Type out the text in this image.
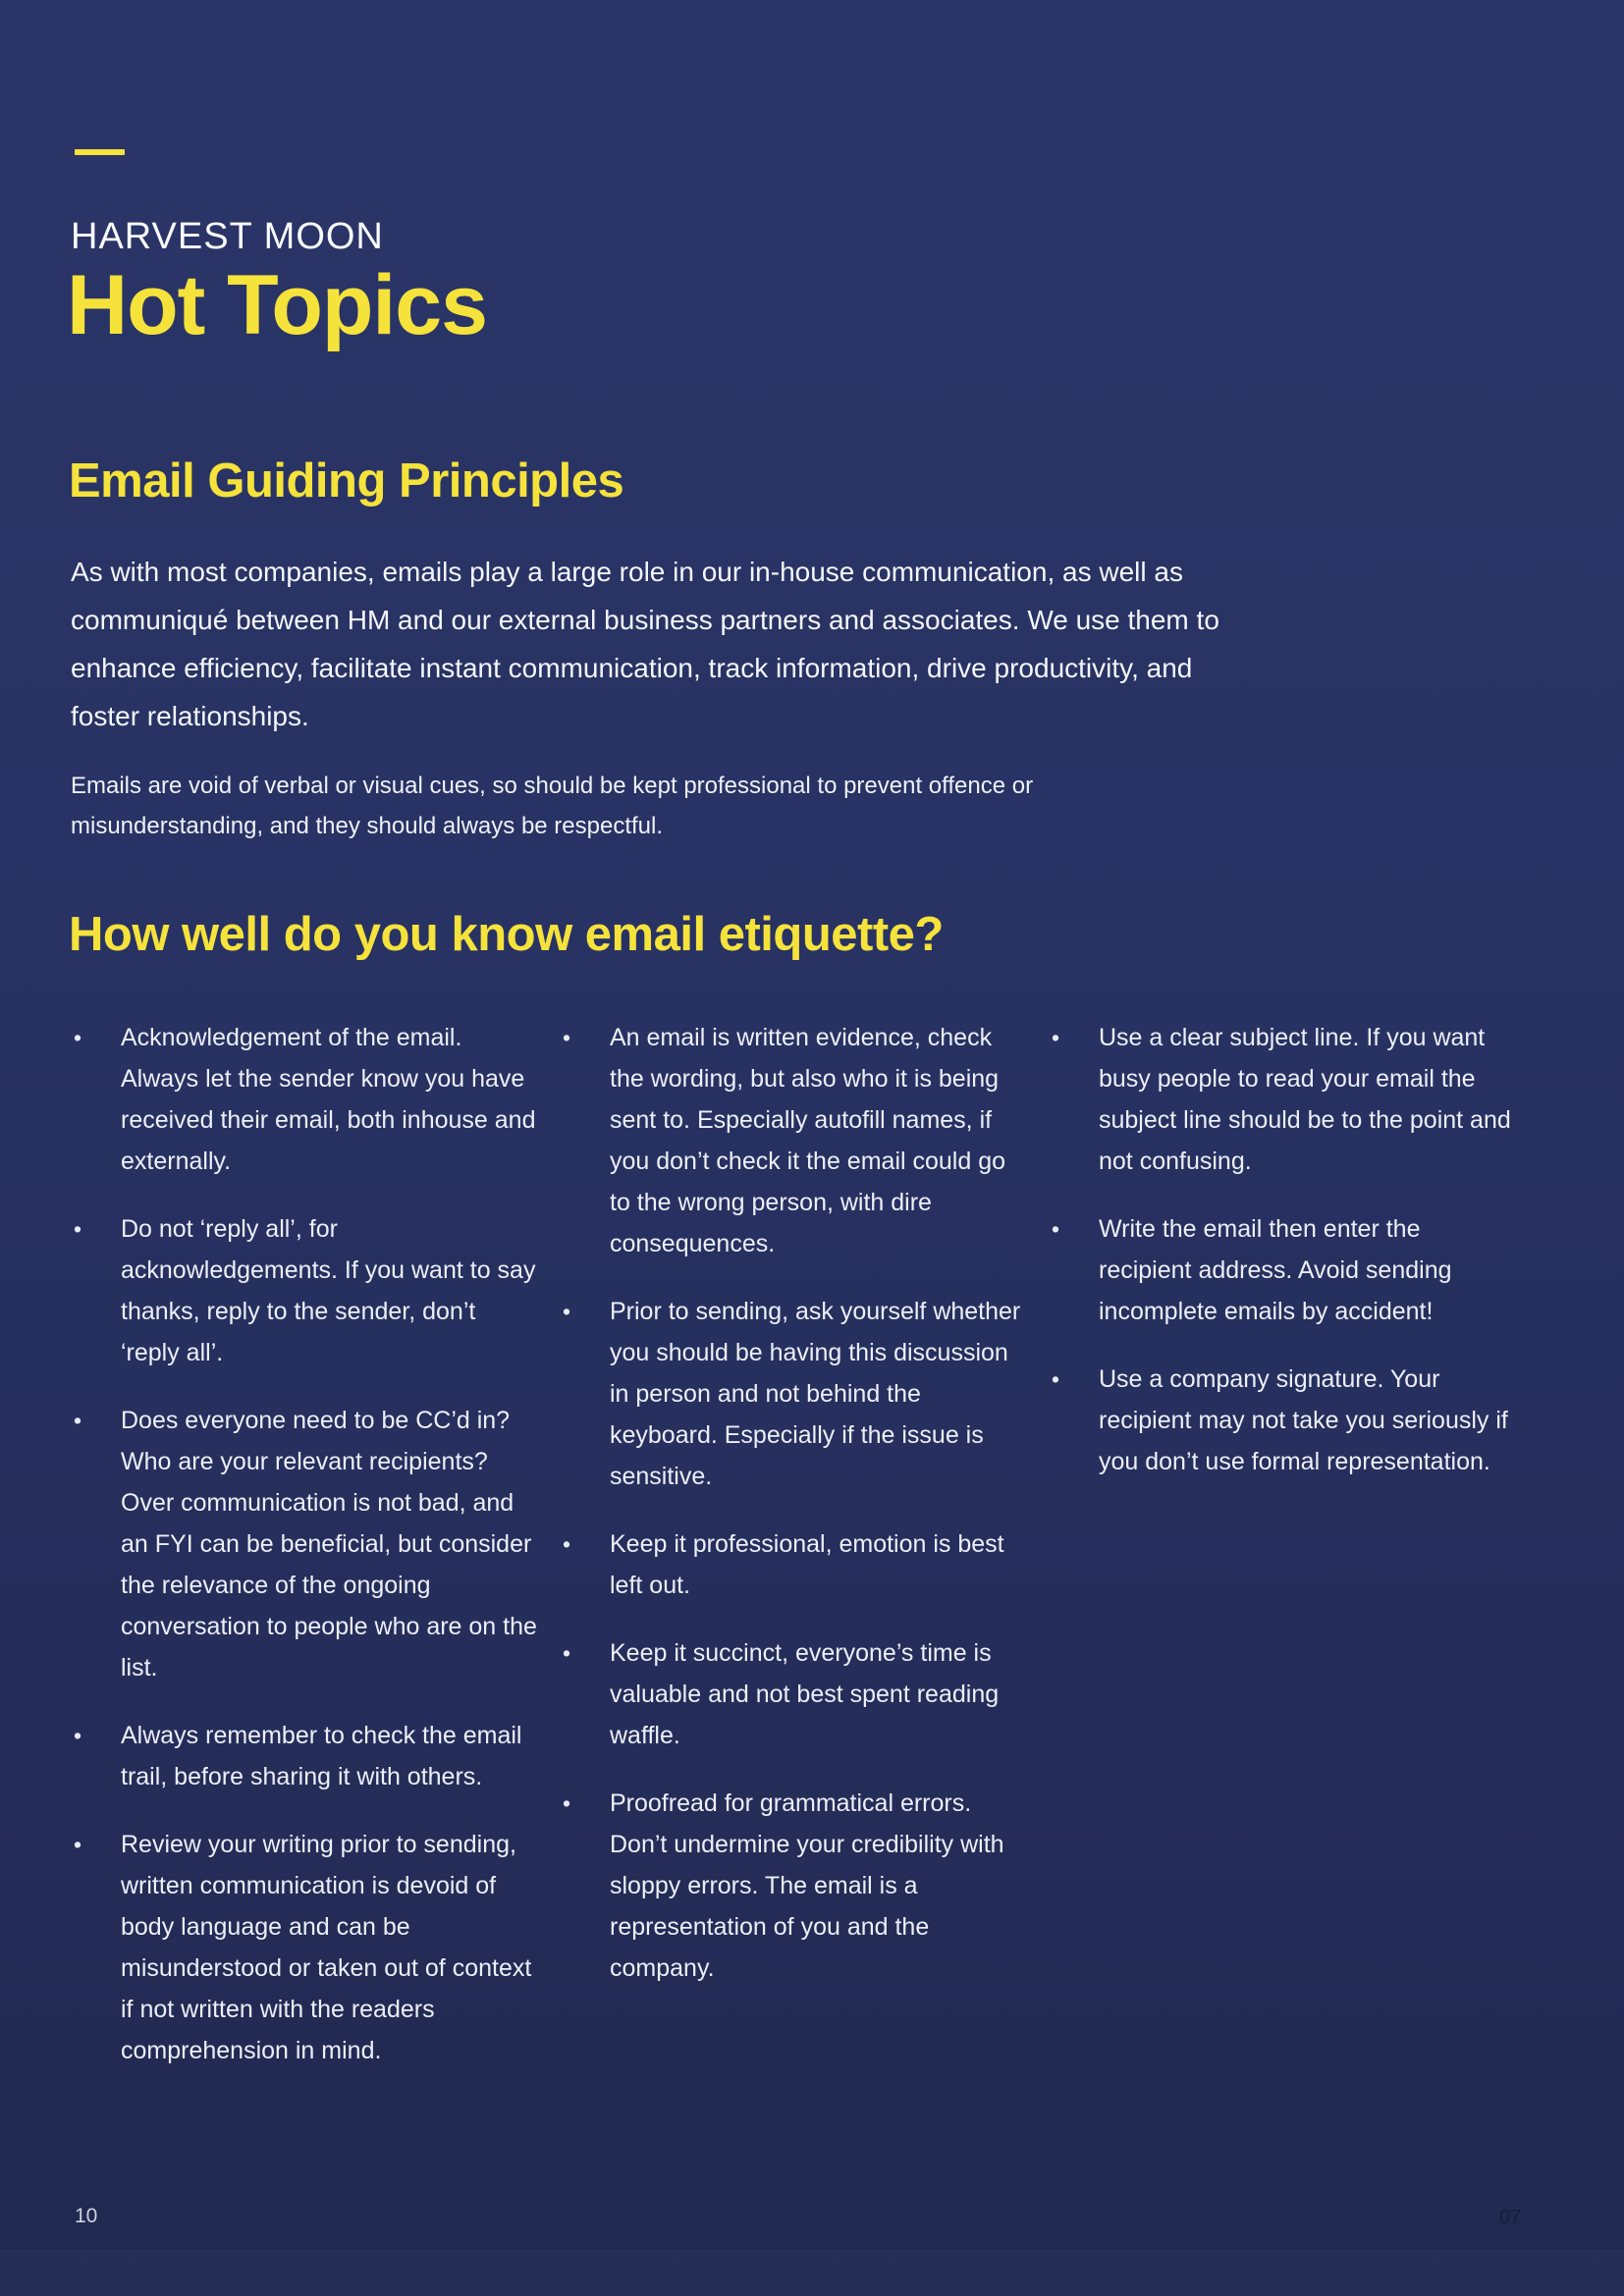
HARVEST MOON
Hot Topics
Email Guiding Principles
As with most companies, emails play a large role in our in-house communication, as well as communiqué between HM and our external business partners and associates. We use them to enhance efficiency, facilitate instant communication, track information, drive productivity, and foster relationships.
Emails are void of verbal or visual cues, so should be kept professional to prevent offence or misunderstanding, and they should always be respectful.
How well do you know email etiquette?
•	Acknowledgement of the email. Always let the sender know you have received their email, both inhouse and externally.
•	Do not ‘reply all’, for acknowledgements. If you want to say thanks, reply to the sender, don’t ‘reply all’.
•	Does everyone need to be CC’d in? Who are your relevant recipients? Over communication is not bad, and an FYI can be beneficial, but consider the relevance of the ongoing conversation to people who are on the list.
•	Always remember to check the email trail, before sharing it with others.
•	Review your writing prior to sending, written communication is devoid of body language and can be misunderstood or taken out of context if not written with the readers comprehension in mind.
•	An email is written evidence, check the wording, but also who it is being sent to. Especially autofill names, if you don’t check it the email could go to the wrong person, with dire consequences.
•	Prior to sending, ask yourself whether you should be having this discussion in person and not behind the keyboard. Especially if the issue is sensitive.
•	Keep it professional, emotion is best left out.
•	Keep it succinct, everyone’s time is valuable and not best spent reading waffle.
•	Proofread for grammatical errors. Don’t undermine your credibility with sloppy errors. The email is a representation of you and the company.
•	Use a clear subject line. If you want busy people to read your email the subject line should be to the point and not confusing.
•	Write the email then enter the recipient address. Avoid sending incomplete emails by accident!
•	Use a company signature. Your recipient may not take you seriously if you don’t use formal representation.
10	07
